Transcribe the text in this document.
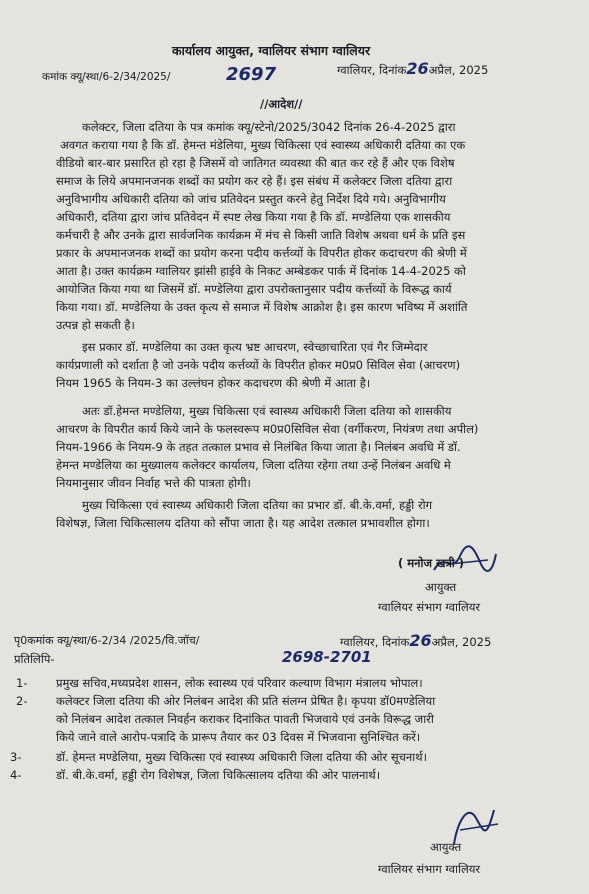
कार्यालय आयुक्त, ग्वालियर संभाग ग्वालियर
ग्वालियर, दिनांक26अप्रैल, 2025
कमांक क्यू/स्था/6-2/34/2025/	2697
//आदेश//
कलेक्टर, जिला दतिया के पत्र कमांक क्यू/स्टेनो/2025/3042 दिनांक 26-4-2025 द्वारा
अवगत कराया गया है कि डॉ. हेमन्त मंडेलिया, मुख्य चिकित्सा एवं स्वास्थ्य अधिकारी दतिया का एक
वीडियो बार-बार प्रसारित हो रहा है जिसमें वो जातिगत व्यवस्था की बात कर रहे हैं और एक विशेष
समाज के लिये अपमानजनक शब्दों का प्रयोग कर रहे हैं। इस संबंध में कलेक्टर जिला दतिया द्वारा
अनुविभागीय अधिकारी दतिया को जांच प्रतिवेदन प्रस्तुत करने हेतु निर्देश दिये गये। अनुविभागीय
अधिकारी, दतिया द्वारा जांच प्रतिवेदन में स्पष्ट लेख किया गया है कि डॉ. मण्डेलिया एक शासकीय
कर्मचारी है और उनके द्वारा सार्वजनिक कार्यक्रम में मंच से किसी जाति विशेष अथवा धर्म के प्रति इस
प्रकार के अपमानजनक शब्दों का प्रयोग करना पदीय कर्त्तव्यों के विपरीत होकर कदाचरण की श्रेणी में
आता है। उक्त कार्यक्रम ग्वालियर झांसी हाईवे के निकट अम्बेडकर पार्क में दिनांक 14-4-2025 को
आयोजित किया गया था जिसमें डॉ. मण्डेलिया द्वारा उपरोक्तानुसार पदीय कर्त्तव्यों के विरूद्ध कार्य
किया गया। डॉ. मण्डेलिया के उक्त कृत्य से समाज में विशेष आक्रोश है। इस कारण भविष्य में अशांति
उत्पन्न हो सकती है।
इस प्रकार डॉ. मण्डेलिया का उक्त कृत्य भ्रष्ट आचरण, स्वेच्छाचारिता एवं गैर जिम्मेदार
कार्यप्रणाली को दर्शाता है जो उनके पदीय कर्त्तव्यों के विपरीत होकर म0प्र0 सिविल सेवा (आचरण)
नियम 1965 के नियम-3 का उल्लंघन होकर कदाचरण की श्रेणी में आता है।
अतः डॉ.हेमन्त मण्डेलिया, मुख्य चिकित्सा एवं स्वास्थ्य अधिकारी जिला दतिया को शासकीय
आचरण के विपरीत कार्य किये जाने के फलस्वरूप म0प्र0सिविल सेवा (वर्गीकरण, नियंत्रण तथा अपील)
नियम-1966 के नियम-9 के तहत तत्काल प्रभाव से निलंबित किया जाता है। निलंबन अवधि में डॉ.
हेमन्त मण्डेलिया का मुख्यालय कलेक्टर कार्यालय, जिला दतिया रहेगा तथा उन्हें निलंबन अवधि मे
नियमानुसार जीवन निर्वाह भत्ते की पात्रता होगी।
मुख्य चिकित्सा एवं स्वास्थ्य अधिकारी जिला दतिया का प्रभार डॉ. बी.के.वर्मा, हड्डी रोग
विशेषज्ञ, जिला चिकित्सालय दतिया को सौंपा जाता है। यह आदेश तत्काल प्रभावशील होगा।
( मनोज खत्री )
आयुक्त
ग्वालियर संभाग ग्वालियर
पृ0कमांक क्यू/स्था/6-2/34 /2025/वि.जॉच/	ग्वालियर, दिनांक26अप्रैल, 2025
2698-2701
प्रतिलिपि-
1- प्रमुख सचिव,मध्यप्रदेश शासन, लोक स्वास्थ्य एवं परिवार कल्याण विभाग मंत्रालय भोपाल।
2- कलेक्टर जिला दतिया की ओर निलंबन आदेश की प्रति संलग्न प्रेषित है। कृपया डॉ0मण्डेलिया
को निलंबन आदेश तत्काल निवर्हन कराकर दिनांकित पावती भिजवाये एवं उनके विरूद्ध जारी
किये जाने वाले आरोप-पत्रादि के प्रारूप तैयार कर 03 दिवस में भिजवाना सुनिश्चित करें।
3-	डॉ. हेमन्त मण्डेलिया, मुख्य चिकित्सा एवं स्वास्थ्य अधिकारी जिला दतिया की ओर सूचनार्थ।
4-	डॉ. बी.के.वर्मा, हड्डी रोग विशेषज्ञ, जिला चिकित्सालय दतिया की ओर पालनार्थ।
आयुक्त
ग्वालियर संभाग ग्वालियर
